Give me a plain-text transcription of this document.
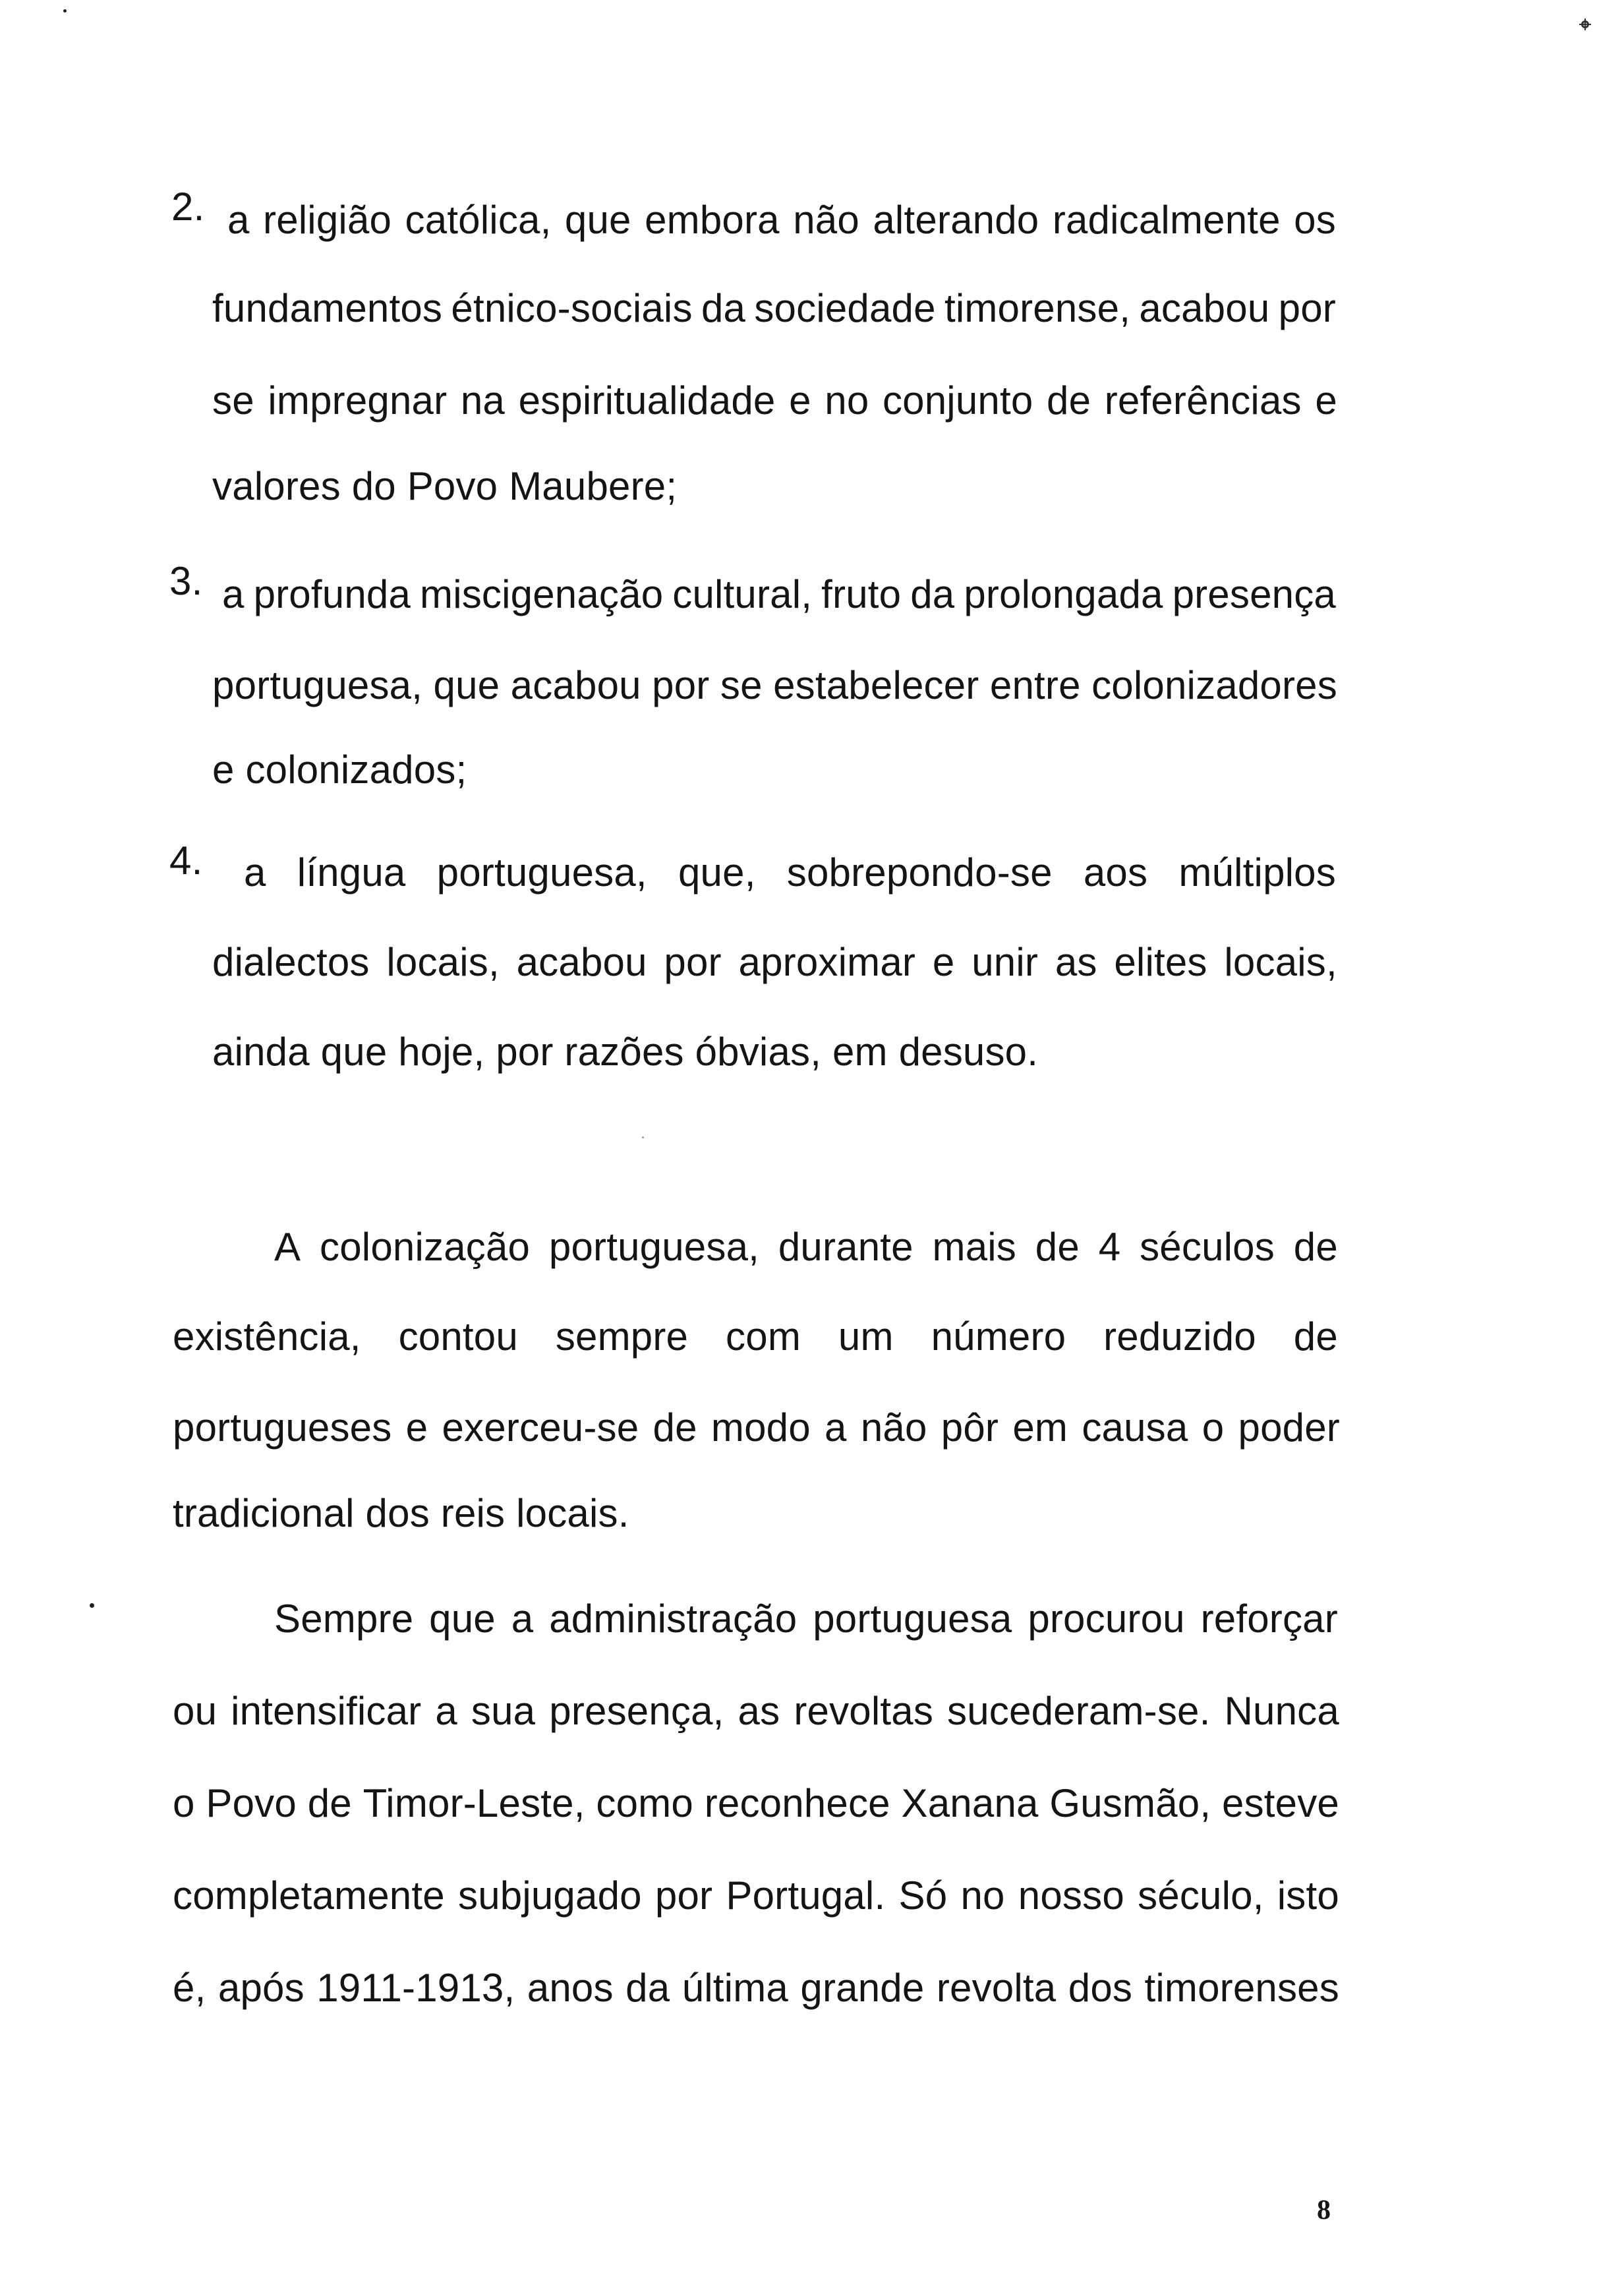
2. a religião católica, que embora não alterando radicalmente os
fundamentos étnico-sociais da sociedade timorense, acabou por
se impregnar na espiritualidade e no conjunto de referências e
valores do Povo Maubere;
3. a profunda miscigenação cultural, fruto da prolongada presença
portuguesa, que acabou por se estabelecer entre colonizadores
e colonizados;
4. a língua portuguesa, que, sobrepondo-se aos múltiplos
dialectos locais, acabou por aproximar e unir as elites locais,
ainda que hoje, por razões óbvias, em desuso.
A colonização portuguesa, durante mais de 4 séculos de
existência, contou sempre com um número reduzido de
portugueses e exerceu-se de modo a não pôr em causa o poder
tradicional dos reis locais.
Sempre que a administração portuguesa procurou reforçar
ou intensificar a sua presença, as revoltas sucederam-se. Nunca
o Povo de Timor-Leste, como reconhece Xanana Gusmão, esteve
completamente subjugado por Portugal. Só no nosso século, isto
é, após 1911-1913, anos da última grande revolta dos timorenses
8
